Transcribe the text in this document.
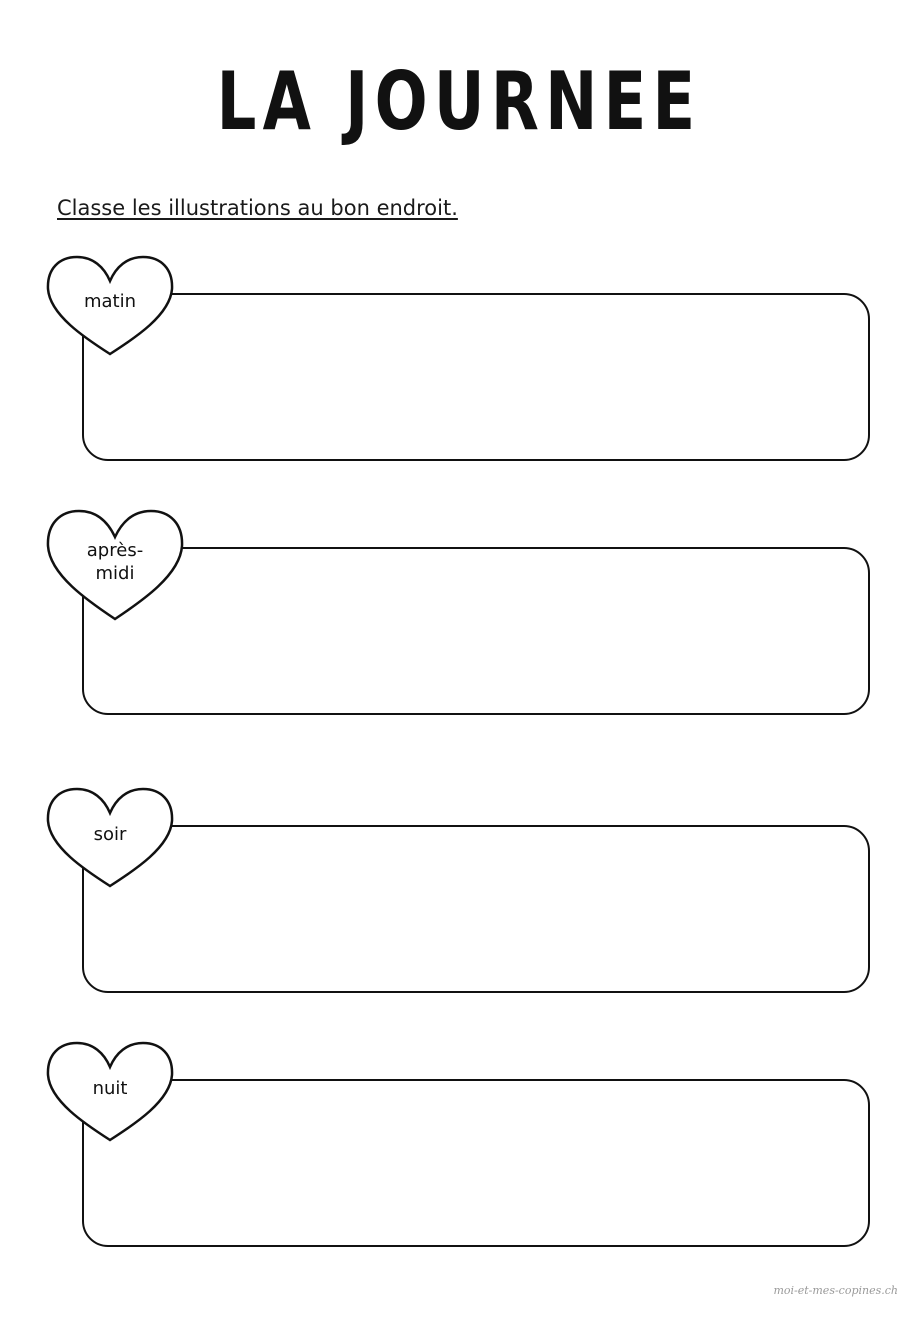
LA JOURNEE
Classe les illustrations au bon endroit.
matin
après-
midi
soir
nuit
moi-et-mes-copines.ch
